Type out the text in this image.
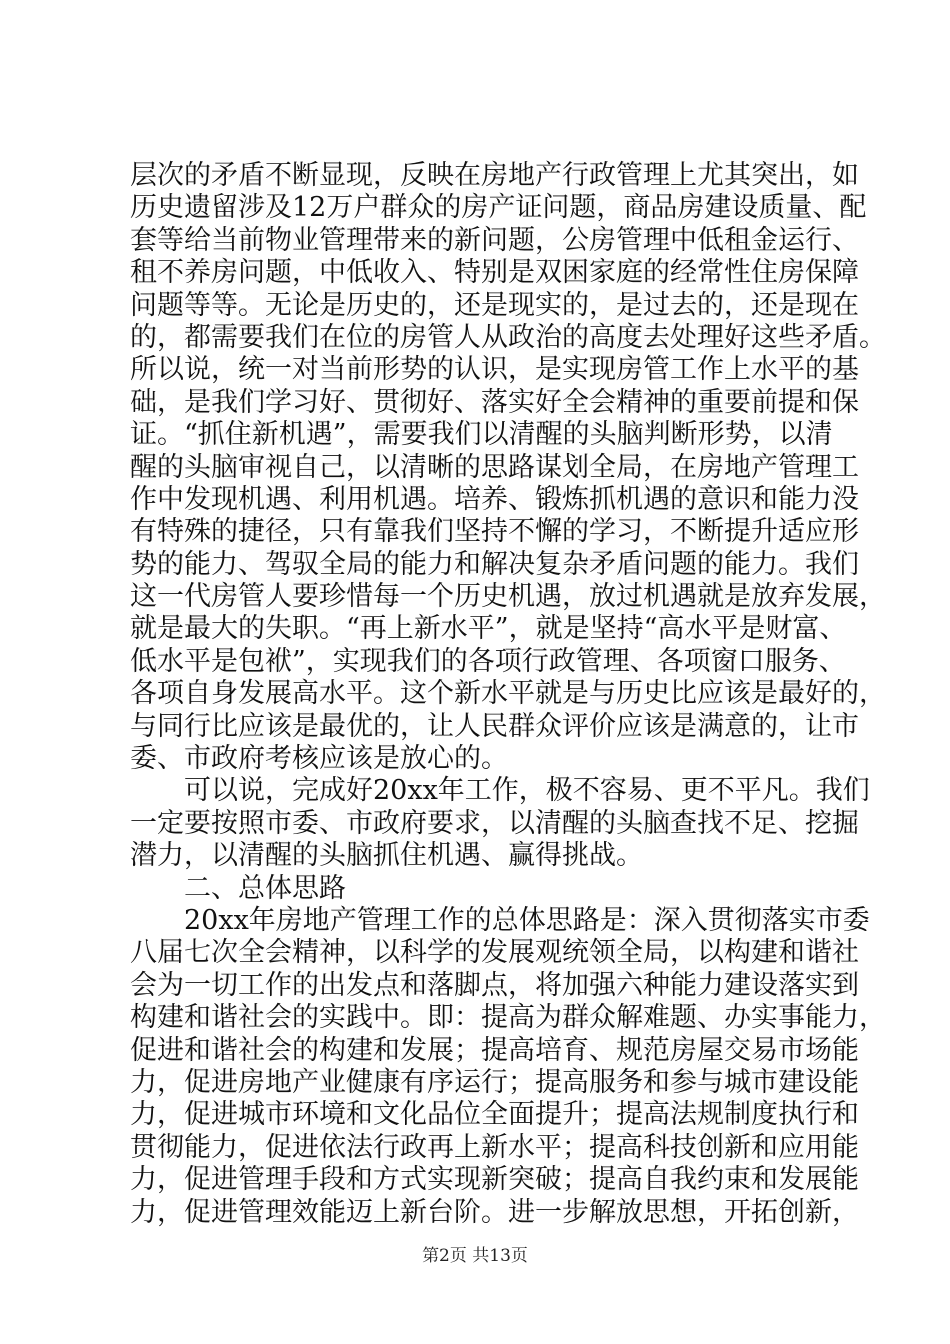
层次的矛盾不断显现，反映在房地产行政管理上尤其突出，如
历史遗留涉及12万户群众的房产证问题，商品房建设质量、配
套等给当前物业管理带来的新问题，公房管理中低租金运行、
租不养房问题，中低收入、特别是双困家庭的经常性住房保障
问题等等。无论是历史的，还是现实的，是过去的，还是现在
的，都需要我们在位的房管人从政治的高度去处理好这些矛盾。
所以说，统一对当前形势的认识，是实现房管工作上水平的基
础，是我们学习好、贯彻好、落实好全会精神的重要前提和保
证。“抓住新机遇”，需要我们以清醒的头脑判断形势，以清
醒的头脑审视自己，以清晰的思路谋划全局，在房地产管理工
作中发现机遇、利用机遇。培养、锻炼抓机遇的意识和能力没
有特殊的捷径，只有靠我们坚持不懈的学习，不断提升适应形
势的能力、驾驭全局的能力和解决复杂矛盾问题的能力。我们
这一代房管人要珍惜每一个历史机遇，放过机遇就是放弃发展，
就是最大的失职。“再上新水平”，就是坚持“高水平是财富、
低水平是包袱”，实现我们的各项行政管理、各项窗口服务、
各项自身发展高水平。这个新水平就是与历史比应该是最好的，
与同行比应该是最优的，让人民群众评价应该是满意的，让市
委、市政府考核应该是放心的。
可以说，完成好20xx年工作，极不容易、更不平凡。我们
一定要按照市委、市政府要求，以清醒的头脑查找不足、挖掘
潜力，以清醒的头脑抓住机遇、赢得挑战。
二、总体思路
20xx年房地产管理工作的总体思路是：深入贯彻落实市委
八届七次全会精神，以科学的发展观统领全局，以构建和谐社
会为一切工作的出发点和落脚点，将加强六种能力建设落实到
构建和谐社会的实践中。即：提高为群众解难题、办实事能力，
促进和谐社会的构建和发展；提高培育、规范房屋交易市场能
力，促进房地产业健康有序运行；提高服务和参与城市建设能
力，促进城市环境和文化品位全面提升；提高法规制度执行和
贯彻能力，促进依法行政再上新水平；提高科技创新和应用能
力，促进管理手段和方式实现新突破；提高自我约束和发展能
力，促进管理效能迈上新台阶。进一步解放思想，开拓创新，
第2页 共13页
